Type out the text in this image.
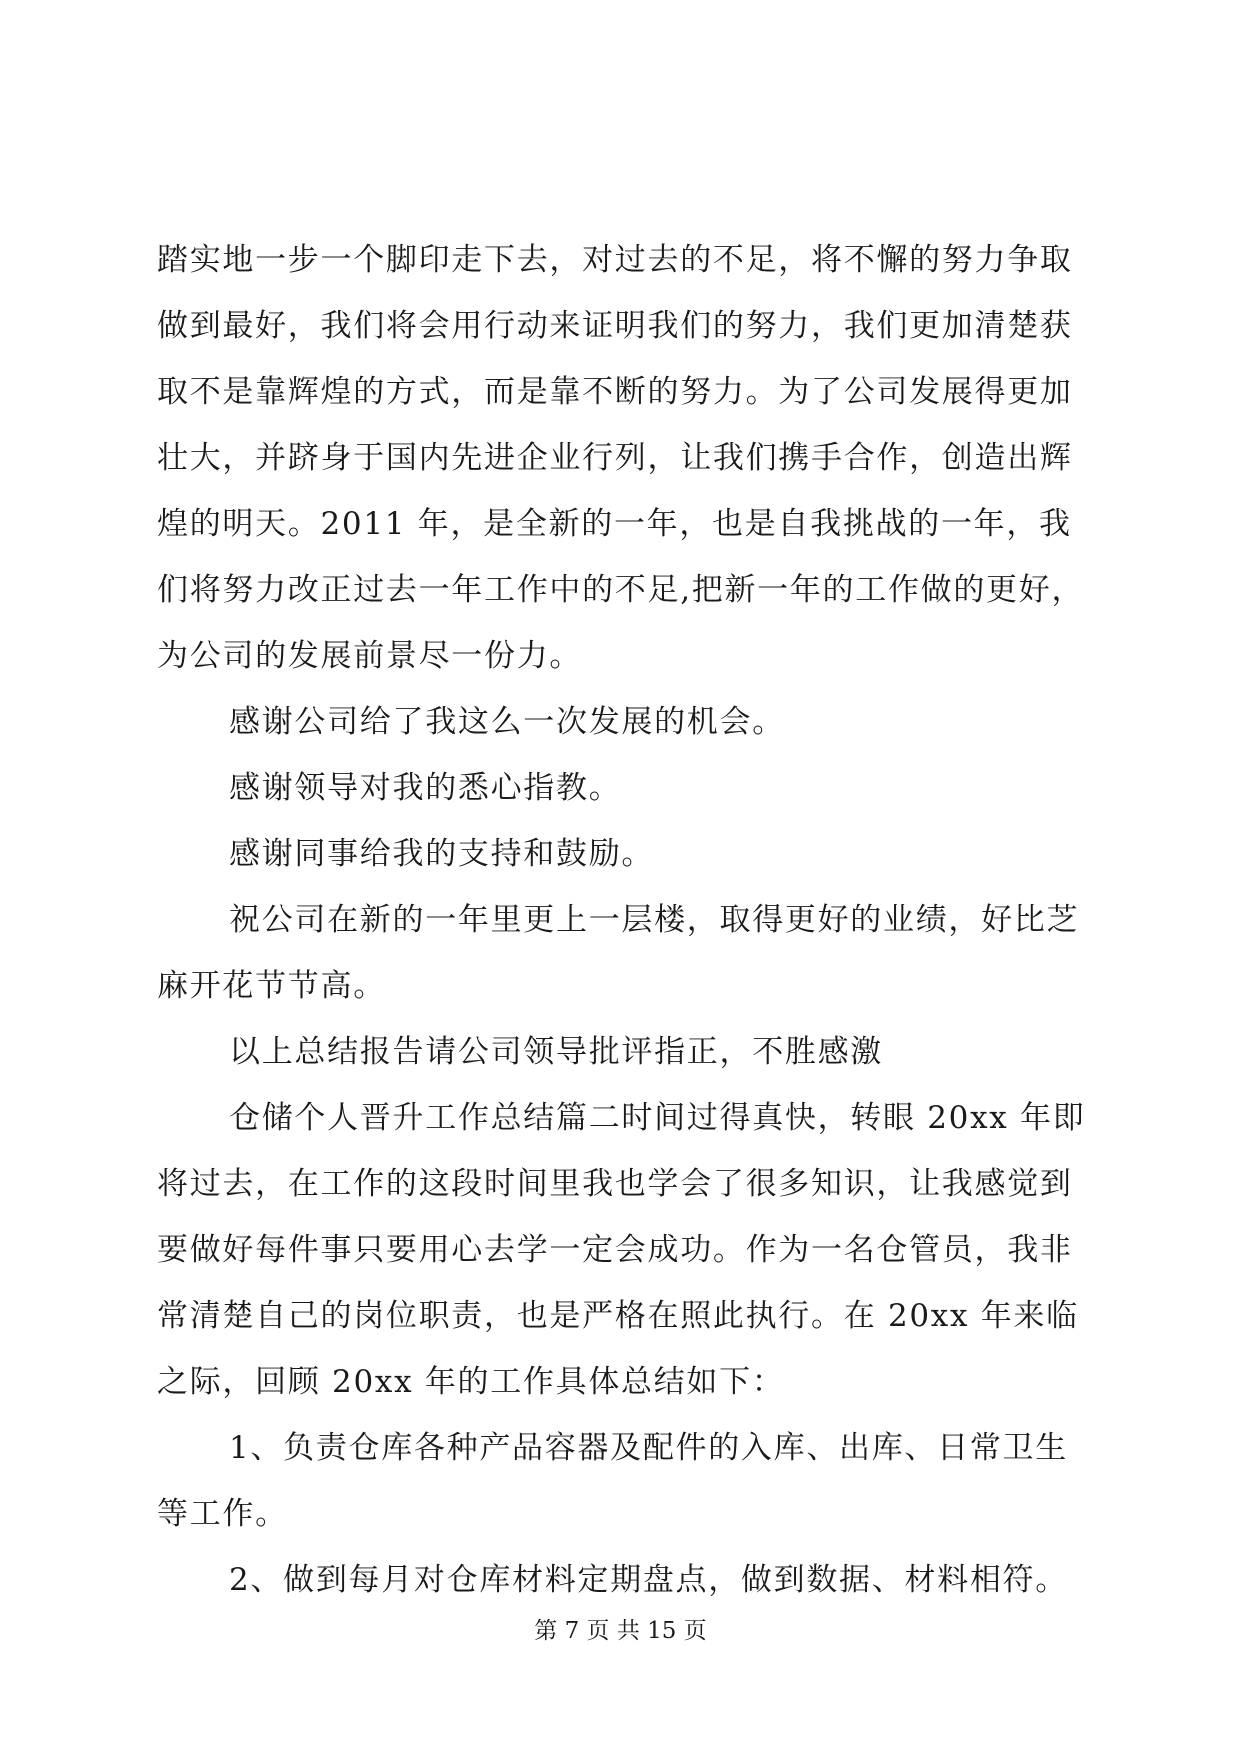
踏实地一步一个脚印走下去，对过去的不足，将不懈的努力争取
做到最好，我们将会用行动来证明我们的努力，我们更加清楚获
取不是靠辉煌的方式，而是靠不断的努力。为了公司发展得更加
壮大，并跻身于国内先进企业行列，让我们携手合作，创造出辉
煌的明天。2011 年，是全新的一年，也是自我挑战的一年，我
们将努力改正过去一年工作中的不足,把新一年的工作做的更好，
为公司的发展前景尽一份力。
感谢公司给了我这么一次发展的机会。
感谢领导对我的悉心指教。
感谢同事给我的支持和鼓励。
祝公司在新的一年里更上一层楼，取得更好的业绩，好比芝
麻开花节节高。
以上总结报告请公司领导批评指正，不胜感激
仓储个人晋升工作总结篇二时间过得真快，转眼 20xx 年即
将过去，在工作的这段时间里我也学会了很多知识，让我感觉到
要做好每件事只要用心去学一定会成功。作为一名仓管员，我非
常清楚自己的岗位职责，也是严格在照此执行。在 20xx 年来临
之际，回顾 20xx 年的工作具体总结如下：
1、负责仓库各种产品容器及配件的入库、出库、日常卫生
等工作。
2、做到每月对仓库材料定期盘点，做到数据、材料相符。
第 7 页 共 15 页
